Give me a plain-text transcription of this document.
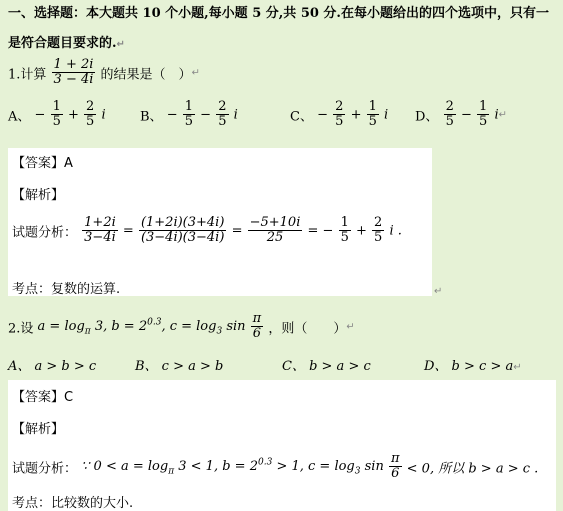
一、选择题：本大题共 10 个小题,每小题 5 分,共 50 分.在每小题给出的四个选项中，只有一
是符合题目要求的.↵
1.计算 $\frac{1 + 2i}{3 - 4i}$ 的结果是（　）↵
A、 − $\frac{1}{5} + \frac{2}{5}$ i	B、 − $\frac{1}{5} - \frac{2}{5}$ i	C、 − $\frac{2}{5} + \frac{1}{5}$ i D、 $\frac{2}{5} - \frac{1}{5}$ i↵
【答案】A
【解析】
试题分析： $\frac{1+2i}{3-4i} = \frac{(1+2i)(3+4i)}{(3-4i)(3-4i)} = \frac{-5+10i}{25}$ = − $\frac{1}{5} + \frac{2}{5}$ i .
考点：复数的运算.	↵
2.设 $a = \log_\pi 3$, $b = 2^{0.3}$, $c = \log_3 \sin \frac{\pi}{6}$ ，则（　　）↵
A、 a > b > c	B、 c > a > b	C、 b > a > c	D、 b > c > a↵
【答案】C
【解析】
试题分析： ∵ $0 < a = \log_\pi 3 < 1$, $b = 2^{0.3} > 1$, $c = \log_3 \sin \frac{\pi}{6} < 0$, 所以 b > a > c .
考点：比较数的大小.
